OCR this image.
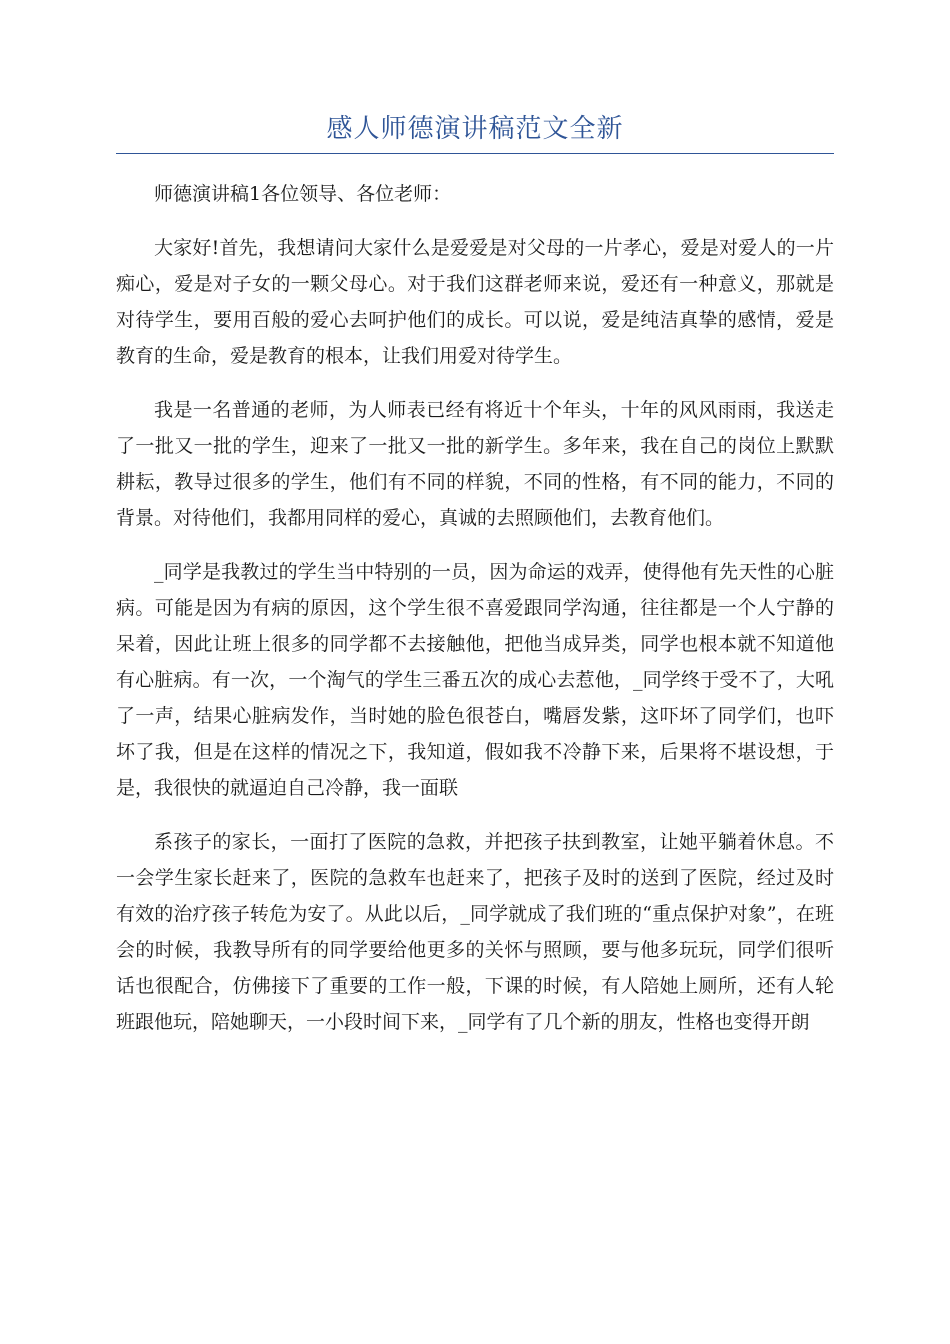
感人师德演讲稿范文全新

师德演讲稿1各位领导、各位老师：

大家好!首先，我想请问大家什么是爱爱是对父母的一片孝心，爱是对爱人的一片痴心，爱是对子女的一颗父母心。对于我们这群老师来说，爱还有一种意义，那就是对待学生，要用百般的爱心去呵护他们的成长。可以说，爱是纯洁真挚的感情，爱是教育的生命，爱是教育的根本，让我们用爱对待学生。

我是一名普通的老师，为人师表已经有将近十个年头，十年的风风雨雨，我送走了一批又一批的学生，迎来了一批又一批的新学生。多年来，我在自己的岗位上默默耕耘，教导过很多的学生，他们有不同的样貌，不同的性格，有不同的能力，不同的背景。对待他们，我都用同样的爱心，真诚的去照顾他们，去教育他们。

_同学是我教过的学生当中特别的一员，因为命运的戏弄，使得他有先天性的心脏病。可能是因为有病的原因，这个学生很不喜爱跟同学沟通，往往都是一个人宁静的呆着，因此让班上很多的同学都不去接触他，把他当成异类，同学也根本就不知道他有心脏病。有一次，一个淘气的学生三番五次的成心去惹他，_同学终于受不了，大吼了一声，结果心脏病发作，当时她的脸色很苍白，嘴唇发紫，这吓坏了同学们，也吓坏了我，但是在这样的情况之下，我知道，假如我不冷静下来，后果将不堪设想，于是，我很快的就逼迫自己冷静，我一面联

系孩子的家长，一面打了医院的急救，并把孩子扶到教室，让她平躺着休息。不一会学生家长赶来了，医院的急救车也赶来了，把孩子及时的送到了医院，经过及时有效的治疗孩子转危为安了。从此以后，_同学就成了我们班的“重点保护对象”，在班会的时候，我教导所有的同学要给他更多的关怀与照顾，要与他多玩玩，同学们很听话也很配合，仿佛接下了重要的工作一般，下课的时候，有人陪她上厕所，还有人轮班跟他玩，陪她聊天，一小段时间下来，_同学有了几个新的朋友，性格也变得开朗
